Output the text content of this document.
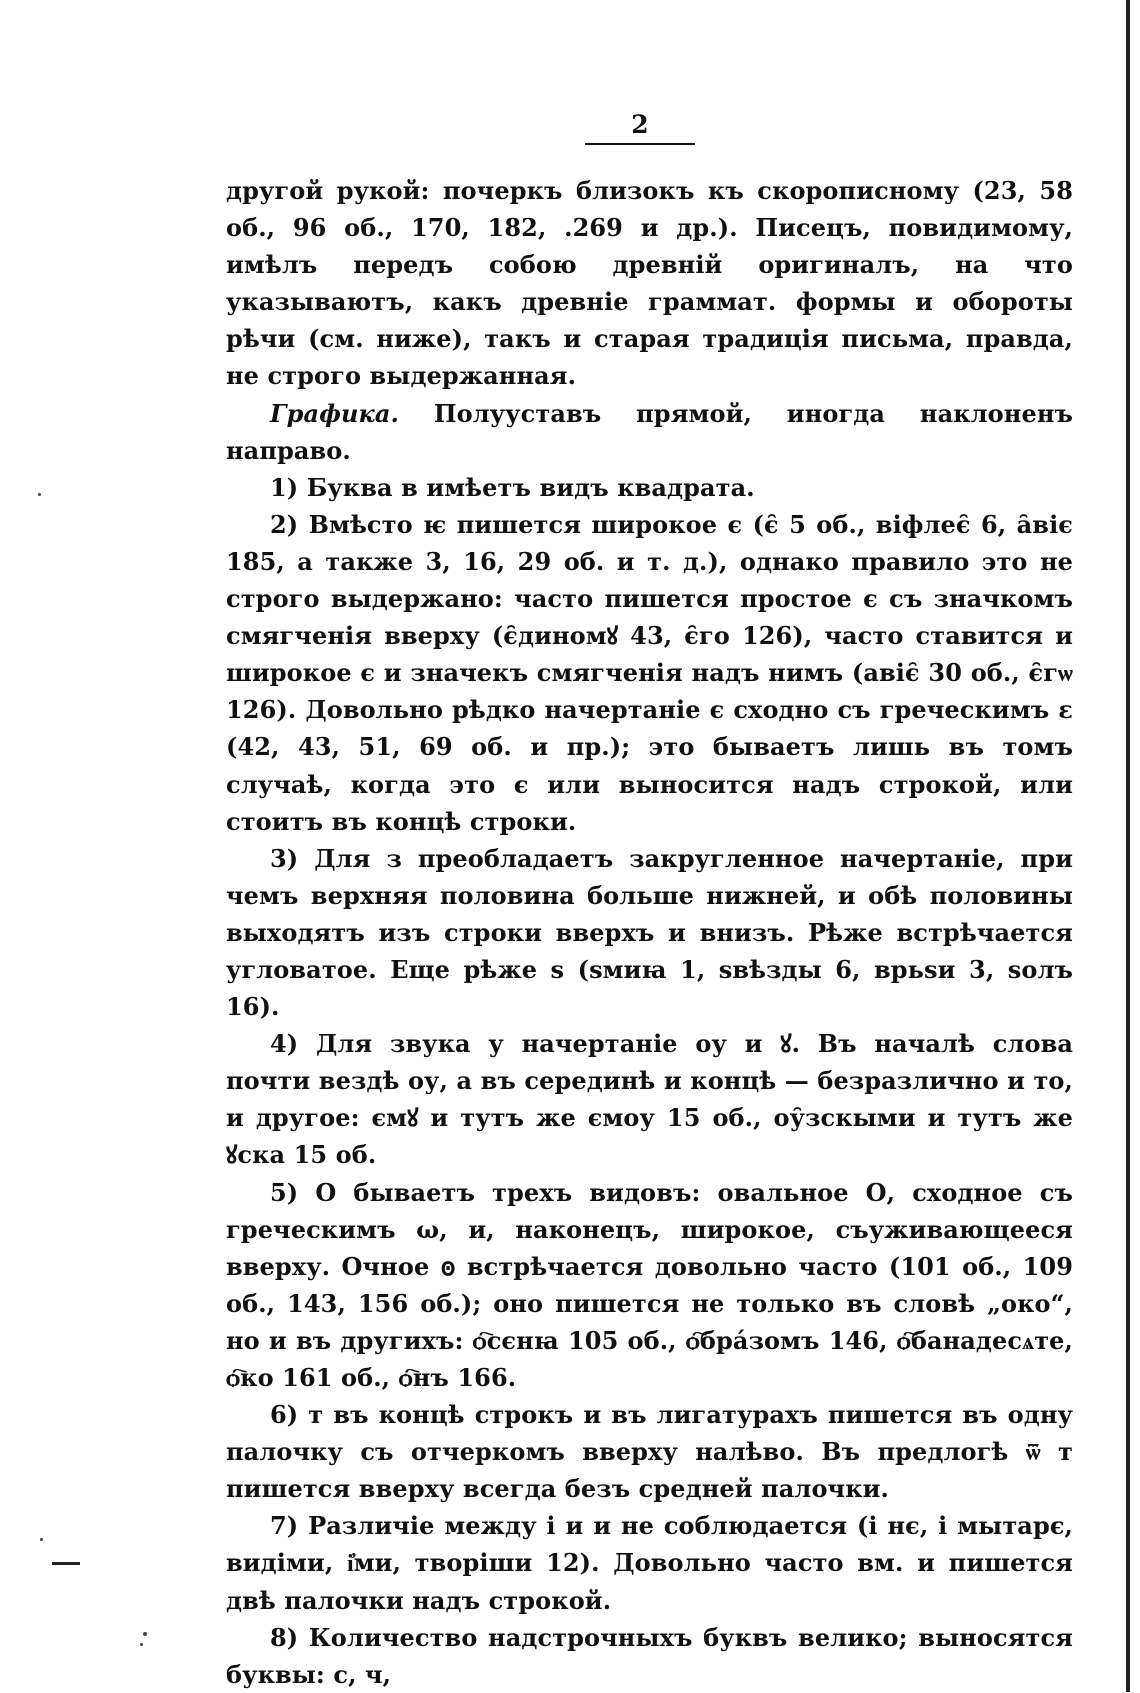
2

другой рукой: почеркъ близокъ къ скорописному (23, 58 об., 96 об., 170, 182, .269 и др.). Писецъ, повидимому, имѣлъ передъ собою древній оригиналъ, на что указываютъ, какъ древніе граммат. формы и обороты рѣчи (см. ниже), такъ и старая традиція письма, правда, не строго выдержанная.

Графика. Полууставъ прямой, иногда наклоненъ направо.

1) Буква в имѣетъ видъ квадрата.

2) Вмѣсто ѥ пишется широкое є (є̑ 5 об., віфлеє̑ 6, а̑віє 185, а также 3, 16, 29 об. и т. д.), однако правило это не строго выдержано: часто пишется простое є съ значкомъ смягченія вверху (є̑диномꙋ 43, є̑го 126), часто ставится и широкое є и значекъ смягченія надъ нимъ (авіє̑ 30 об., є̑гѡ 126). Довольно рѣдко начертаніе є сходно съ греческимъ ε (42, 43, 51, 69 об. и пр.); это бываетъ лишь въ томъ случаѣ, когда это є или выносится надъ строкой, или стоитъ въ концѣ строки.

3) Для з преобладаетъ закругленное начертаніе, при чемъ верхняя половина больше нижней, и обѣ половины выходятъ изъ строки вверхъ и внизъ. Рѣже встрѣчается угловатое. Еще рѣже ѕ (ѕмиꙗ 1, ѕвѣзды 6, врьѕи 3, ѕолъ 16).

4) Для звука у начертаніе оу и ꙋ. Въ началѣ слова почти вездѣ оу, а въ серединѣ и концѣ — безразлично и то, и другое: ємꙋ и тутъ же ємоу 15 об., оу̑зскыми и тутъ же ꙋска 15 об.

5) О бываетъ трехъ видовъ: овальное О, сходное съ греческимъ ω, и, наконецъ, широкое, съуживающееся вверху. Очное ꙩ встрѣчается довольно часто (101 об., 109 об., 143, 156 об.); оно пишется не только въ словѣ „око“, но и въ другихъ: ѻ҇сєнꙗ 105 об., ѻ҇бра́зомъ 146, ѻ҇банадесѧте, ѻ҇ко 161 об., ѻ҇нъ 166.

6) т въ концѣ строкъ и въ лигатурахъ пишется въ одну палочку съ отчеркомъ вверху налѣво. Въ предлогѣ ѿ т пишется вверху всегда безъ средней палочки.

7) Различіе между і и и не соблюдается (і нє, і мытарє, видіми, і҆ми, творіши 12). Довольно часто вм. и пишется двѣ палочки надъ строкой.

8) Количество надстрочныхъ буквъ велико; выносятся буквы: с, ч,
